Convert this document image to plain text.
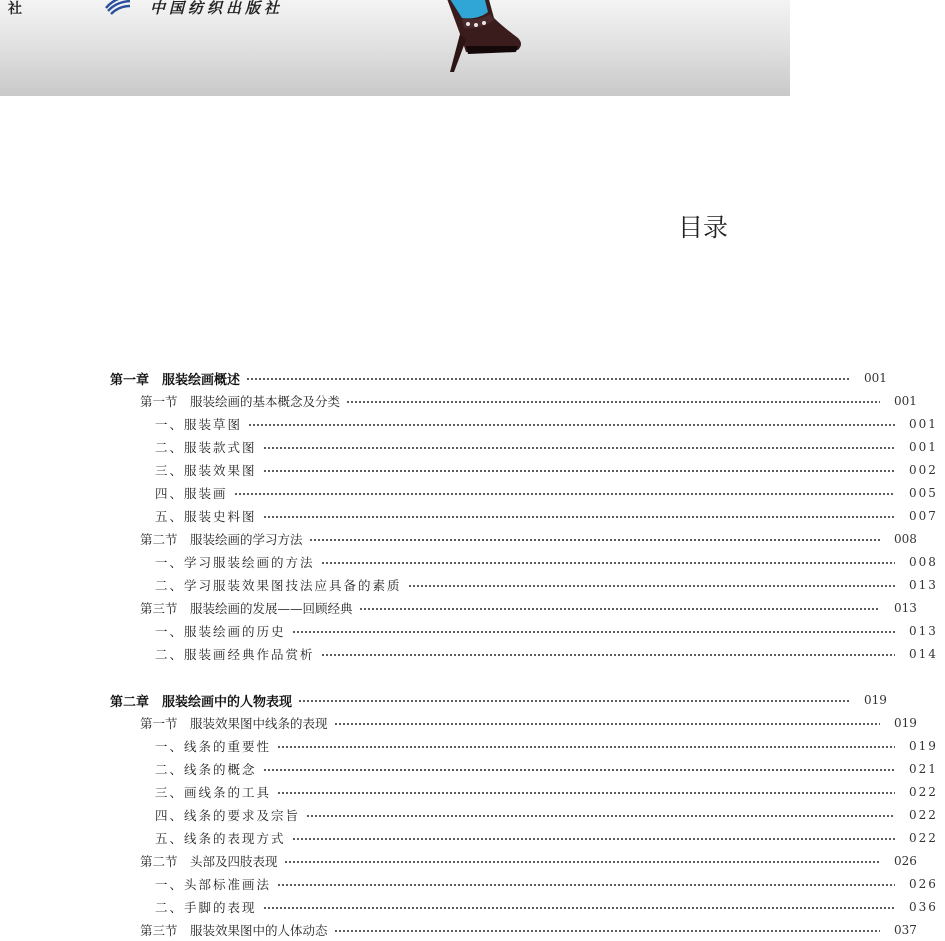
社	中国纺织出版社
目录
第一章　服装绘画概述	001
第一节　服装绘画的基本概念及分类	001
一、服装草图	001
二、服装款式图	001
三、服装效果图	002
四、服装画	005
五、服装史料图	007
第二节　服装绘画的学习方法	008
一、学习服装绘画的方法	008
二、学习服装效果图技法应具备的素质	013
第三节　服装绘画的发展——回顾经典	013
一、服装绘画的历史	013
二、服装画经典作品赏析	014
第二章　服装绘画中的人物表现	019
第一节　服装效果图中线条的表现	019
一、线条的重要性	019
二、线条的概念	021
三、画线条的工具	022
四、线条的要求及宗旨	022
五、线条的表现方式	022
第二节　头部及四肢表现	026
一、头部标准画法	026
二、手脚的表现	036
第三节　服装效果图中的人体动态	037
